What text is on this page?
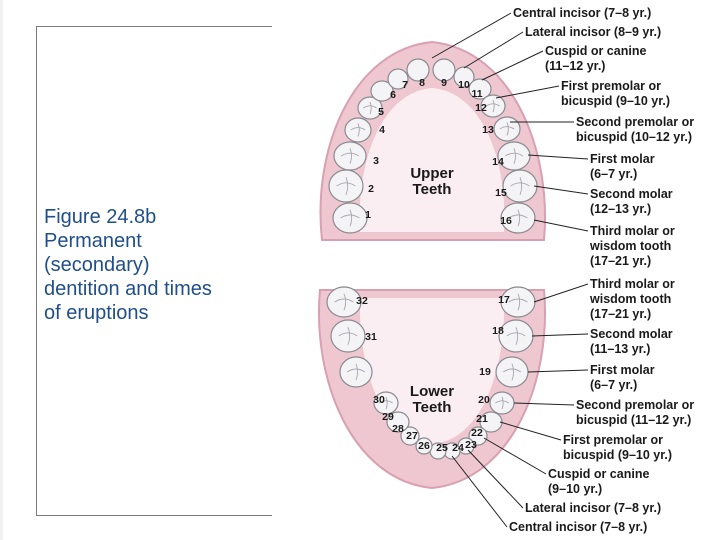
Figure 24.8b
Permanent
(secondary)
dentition and times
of eruptions
Central incisor (7–8 yr.)
Lateral incisor (8–9 yr.)
Cuspid or canine (11–12 yr.)
First premolar or bicuspid (9–10 yr.)
Second premolar or bicuspid (10–12 yr.)
First molar (6–7 yr.)
Second molar (12–13 yr.)
Third molar or wisdom tooth (17–21 yr.)
Third molar or wisdom tooth (17–21 yr.)
Second molar (11–13 yr.)
First molar (6–7 yr.)
Second premolar or bicuspid (11–12 yr.)
First premolar or bicuspid (9–10 yr.)
Cuspid or canine (9–10 yr.)
Lateral incisor (7–8 yr.)
Central incisor (7–8 yr.)
1
2
3
4
5
6
7 8 9 10
11
12
13
14
15
16
17
18
19
20
21
22
23
24
25
26
27
28
29
30
31
32
Upper
Teeth
Lower
Teeth
